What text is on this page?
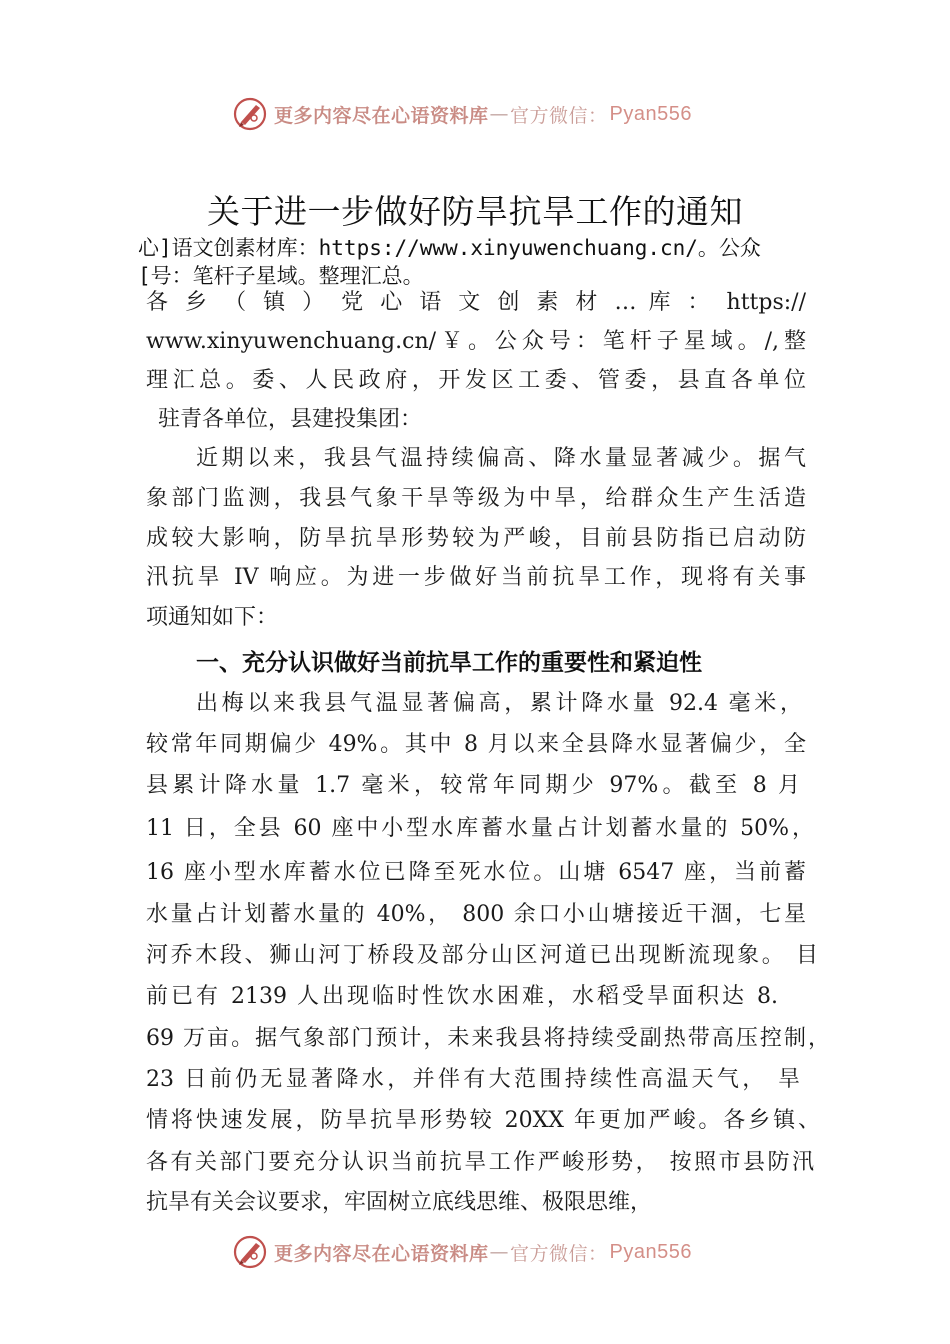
更多内容尽在心语资料库 — 官方微信： Pyan556
关于进一步做好防旱抗旱工作的通知
心]语文创素材库：https://www.xinyuwenchuang.cn/。公众
[号：笔杆子星域。整理汇总。
各 乡 （ 镇 ） 党 心 语 文 创 素 材 … 库 ： https://
www.xinyuwenchuang.cn/￥。公众号：笔杆子星域。/,整
理汇总。委、人民政府，开发区工委、管委，县直各单位
驻青各单位，县建投集团：
近期以来，我县气温持续偏高、降水量显著减少。据气
象部门监测，我县气象干旱等级为中旱，给群众生产生活造
成较大影响，防旱抗旱形势较为严峻，目前县防指已启动防
汛抗旱 IV 响应。为进一步做好当前抗旱工作，现将有关事
项通知如下：
一、充分认识做好当前抗旱工作的重要性和紧迫性
出梅以来我县气温显著偏高，累计降水量 92.4 毫米，
较常年同期偏少 49%。其中 8 月以来全县降水显著偏少，全
县累计降水量 1.7 毫米，较常年同期少 97%。截至 8 月
11 日，全县 60 座中小型水库蓄水量占计划蓄水量的 50%，
16 座小型水库蓄水位已降至死水位。山塘 6547 座，当前蓄
水量占计划蓄水量的 40%， 800 余口小山塘接近干涸，七星
河乔木段、狮山河丁桥段及部分山区河道已出现断流现象。 目
前已有 2139 人出现临时性饮水困难，水稻受旱面积达 8.
69 万亩。据气象部门预计，未来我县将持续受副热带高压控制，
23 日前仍无显著降水，并伴有大范围持续性高温天气， 旱
情将快速发展，防旱抗旱形势较 20XX 年更加严峻。各乡镇、
各有关部门要充分认识当前抗旱工作严峻形势， 按照市县防汛
抗旱有关会议要求，牢固树立底线思维、极限思维，
更多内容尽在心语资料库 — 官方微信： Pyan556
